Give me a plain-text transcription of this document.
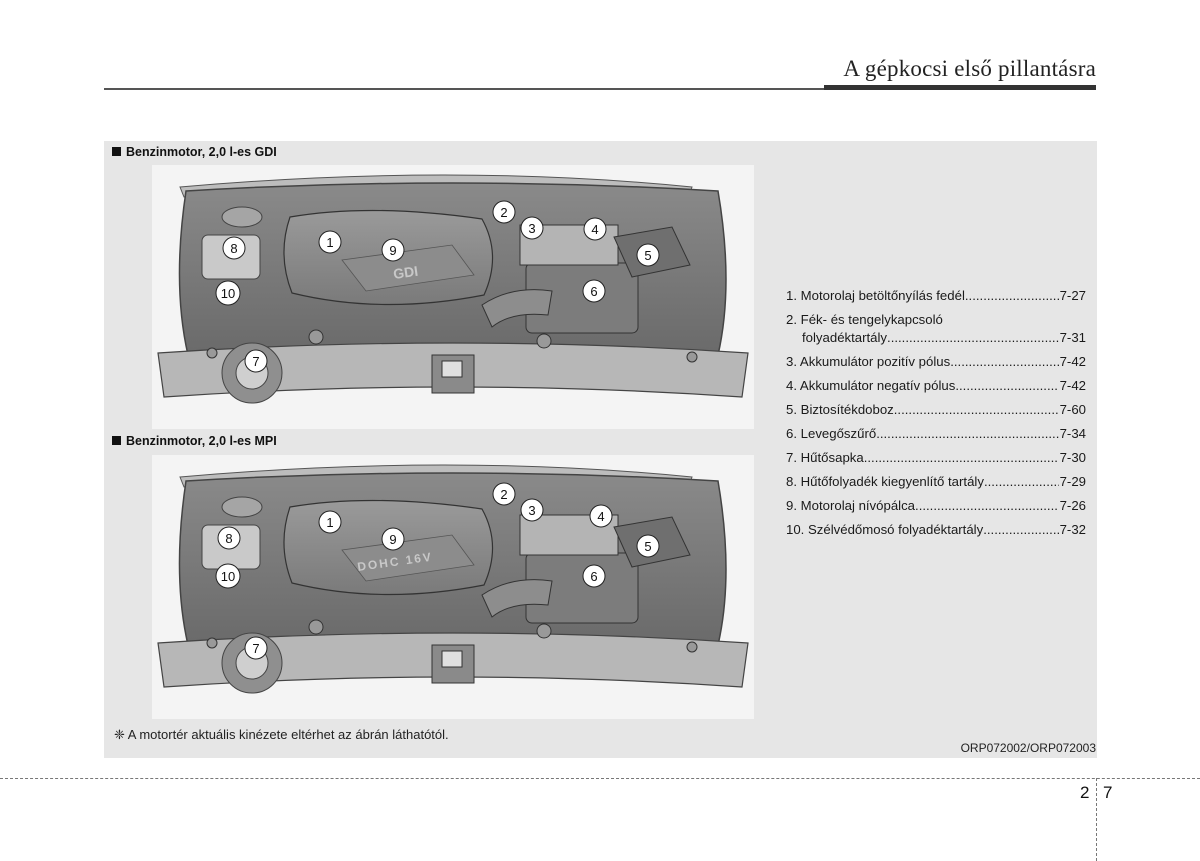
A gépkocsi első pillantásra
Benzinmotor, 2,0 l-es GDI
GDI
1
2
3	4
5
6
7
8	9
10
Benzinmotor, 2,0 l-es MPI
DOHC 16V
1
2
3	4
5
6
7
8	9
10
1. Motorolaj betöltőnyílás fedél .....	7-27
2. Fék- és tengelykapcsoló
folyadéktartály .....	7-31
3. Akkumulátor pozitív pólus .....	7-42
4. Akkumulátor negatív pólus .....	7-42
5. Biztosítékdoboz .....	7-60
6. Levegőszűrő .....	7-34
7. Hűtősapka .....	7-30
8. Hűtőfolyadék kiegyenlítő tartály .....	7-29
9. Motorolaj nívópálca .....	7-26
10. Szélvédőmosó folyadéktartály .....	7-32
❈ A motortér aktuális kinézete eltérhet az ábrán láthatótól.
ORP072002/ORP072003
2 7
